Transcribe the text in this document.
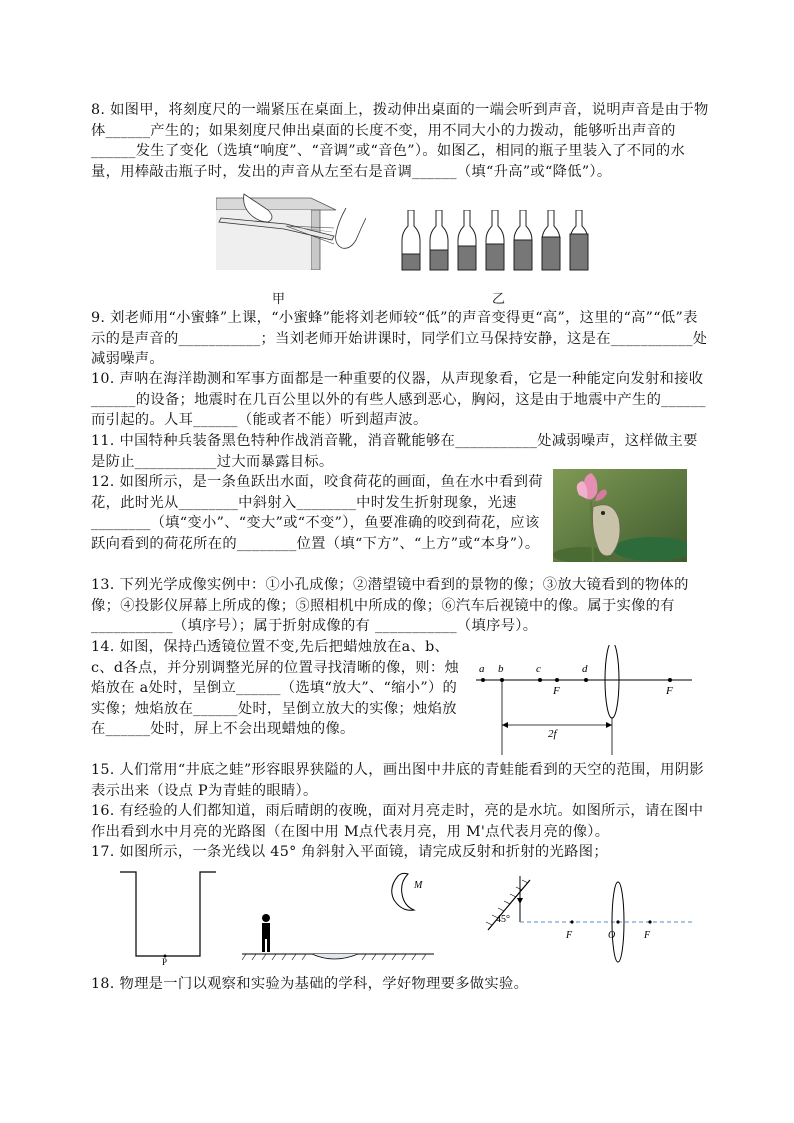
8. 如图甲，将刻度尺的一端紧压在桌面上，拨动伸出桌面的一端会听到声音，说明声音是由于物体______产生的；如果刻度尺伸出桌面的长度不变，用不同大小的力拨动，能够听出声音的______发生了变化（选填“响度”、“音调”或“音色”）。如图乙，相同的瓶子里装入了不同的水量，用棒敲击瓶子时，发出的声音从左至右是音调______（填“升高”或“降低”）。
甲	乙
9. 刘老师用“小蜜蜂”上课，“小蜜蜂”能将刘老师较“低”的声音变得更“高”，这里的“高”“低”表示的是声音的___________；当刘老师开始讲课时，同学们立马保持安静，这是在___________处减弱噪声。
10. 声呐在海洋勘测和军事方面都是一种重要的仪器，从声现象看，它是一种能定向发射和接收______的设备；地震时在几百公里以外的有些人感到恶心，胸闷，这是由于地震中产生的______而引起的。人耳______（能或者不能）听到超声波。
11. 中国特种兵装备黑色特种作战消音靴，消音靴能够在___________处减弱噪声，这样做主要是防止___________过大而暴露目标。
12. 如图所示，是一条鱼跃出水面，咬食荷花的画面，鱼在水中看到荷花，此时光从________中斜射入________中时发生折射现象，光速________（填“变小”、“变大”或“不变”），鱼要准确的咬到荷花，应该跃向看到的荷花所在的________位置（填“下方”、“上方”或“本身”）。
13. 下列光学成像实例中：①小孔成像；②潜望镜中看到的景物的像；③放大镜看到的物体的像；④投影仪屏幕上所成的像；⑤照相机中所成的像；⑥汽车后视镜中的像。属于实像的有 ___________（填序号）；属于折射成像的有 ___________（填序号）。
14. 如图，保持凸透镜位置不变,先后把蜡烛放在a、b、c、d各点，并分别调整光屏的位置寻找清晰的像，则：烛焰放在 a处时，呈倒立______（选填“放大”、“缩小”）的实像；烛焰放在______处时，呈倒立放大的实像；烛焰放在______处时，屏上不会出现蜡烛的像。
a b	c	d
F	F
2f
15. 人们常用“井底之蛙”形容眼界狭隘的人，画出图中井底的青蛙能看到的天空的范围，用阴影表示出来（设点 P为青蛙的眼睛）。
16. 有经验的人们都知道，雨后晴朗的夜晚，面对月亮走时，亮的是水坑。如图所示，请在图中作出看到水中月亮的光路图（在图中用 M点代表月亮，用 M'点代表月亮的像）。
17. 如图所示，一条光线以 45° 角斜射入平面镜，请完成反射和折射的光路图；
P
M
45°
F	O	F
18. 物理是一门以观察和实验为基础的学科，学好物理要多做实验。
